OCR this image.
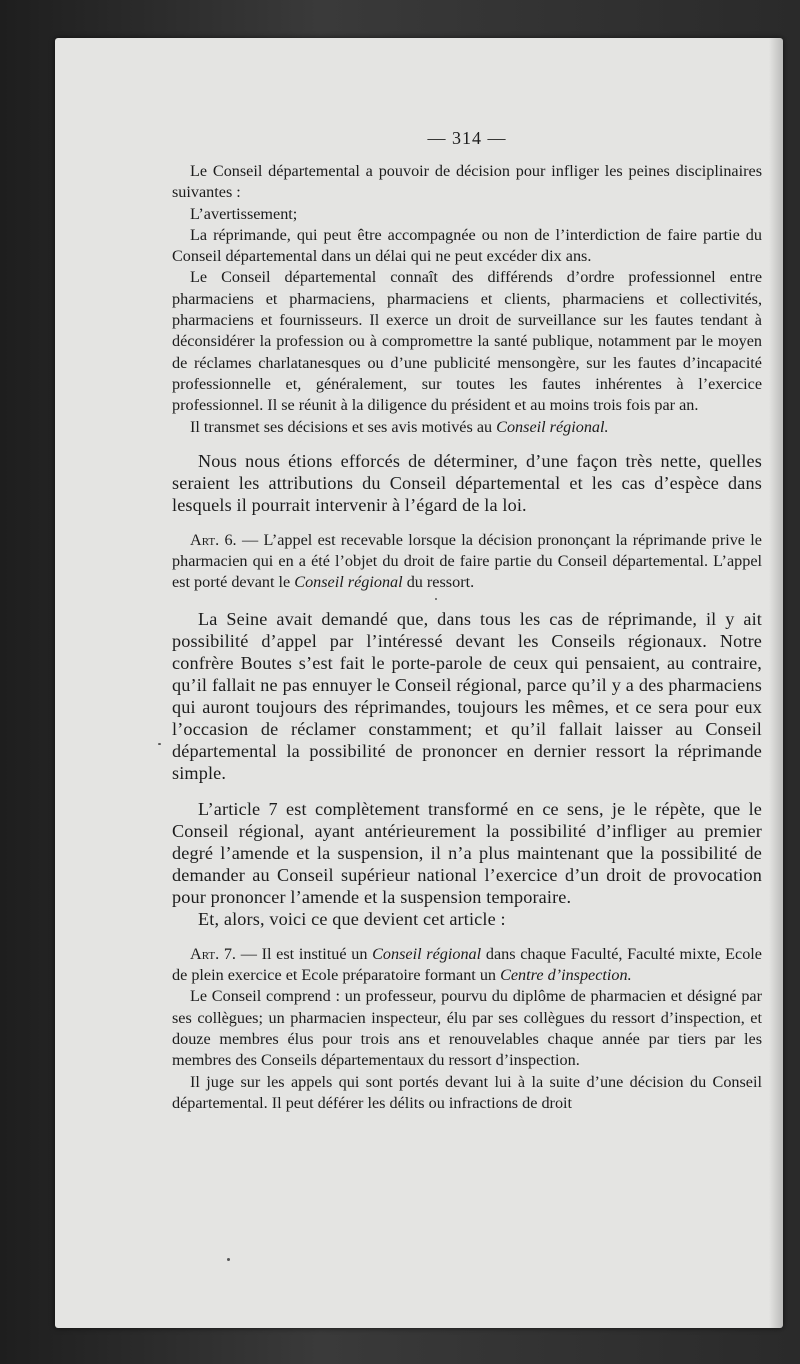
— 314 —

Le Conseil départemental a pouvoir de décision pour infliger les peines disciplinaires suivantes :

L’avertissement;

La réprimande, qui peut être accompagnée ou non de l’interdiction de faire partie du Conseil départemental dans un délai qui ne peut excéder dix ans.

Le Conseil départemental connaît des différends d’ordre professionnel entre pharmaciens et pharmaciens, pharmaciens et clients, pharmaciens et collectivités, pharmaciens et fournisseurs. Il exerce un droit de surveillance sur les fautes tendant à déconsidérer la profession ou à compromettre la santé publique, notamment par le moyen de réclames charlatanesques ou d’une publicité mensongère, sur les fautes d’incapacité professionnelle et, généralement, sur toutes les fautes inhérentes à l’exercice professionnel. Il se réunit à la diligence du président et au moins trois fois par an.

Il transmet ses décisions et ses avis motivés au Conseil régional.

Nous nous étions efforcés de déterminer, d’une façon très nette, quelles seraient les attributions du Conseil départemental et les cas d’espèce dans lesquels il pourrait intervenir à l’égard de la loi.

Art. 6. — L’appel est recevable lorsque la décision prononçant la réprimande prive le pharmacien qui en a été l’objet du droit de faire partie du Conseil départemental. L’appel est porté devant le Conseil régional du ressort.

La Seine avait demandé que, dans tous les cas de réprimande, il y ait possibilité d’appel par l’intéressé devant les Conseils régionaux. Notre confrère Boutes s’est fait le porte-parole de ceux qui pensaient, au contraire, qu’il fallait ne pas ennuyer le Conseil régional, parce qu’il y a des pharmaciens qui auront toujours des réprimandes, toujours les mêmes, et ce sera pour eux l’occasion de réclamer constamment; et qu’il fallait laisser au Conseil départemental la possibilité de prononcer en dernier ressort la réprimande simple.

L’article 7 est complètement transformé en ce sens, je le répète, que le Conseil régional, ayant antérieurement la possibilité d’infliger au premier degré l’amende et la suspension, il n’a plus maintenant que la possibilité de demander au Conseil supérieur national l’exercice d’un droit de provocation pour prononcer l’amende et la suspension temporaire.

Et, alors, voici ce que devient cet article :

Art. 7. — Il est institué un Conseil régional dans chaque Faculté, Faculté mixte, Ecole de plein exercice et Ecole préparatoire formant un Centre d’inspection.

Le Conseil comprend : un professeur, pourvu du diplôme de pharmacien et désigné par ses collègues; un pharmacien inspecteur, élu par ses collègues du ressort d’inspection, et douze membres élus pour trois ans et renouvelables chaque année par tiers par les membres des Conseils départementaux du ressort d’inspection.

Il juge sur les appels qui sont portés devant lui à la suite d’une décision du Conseil départemental. Il peut déférer les délits ou infractions de droit
